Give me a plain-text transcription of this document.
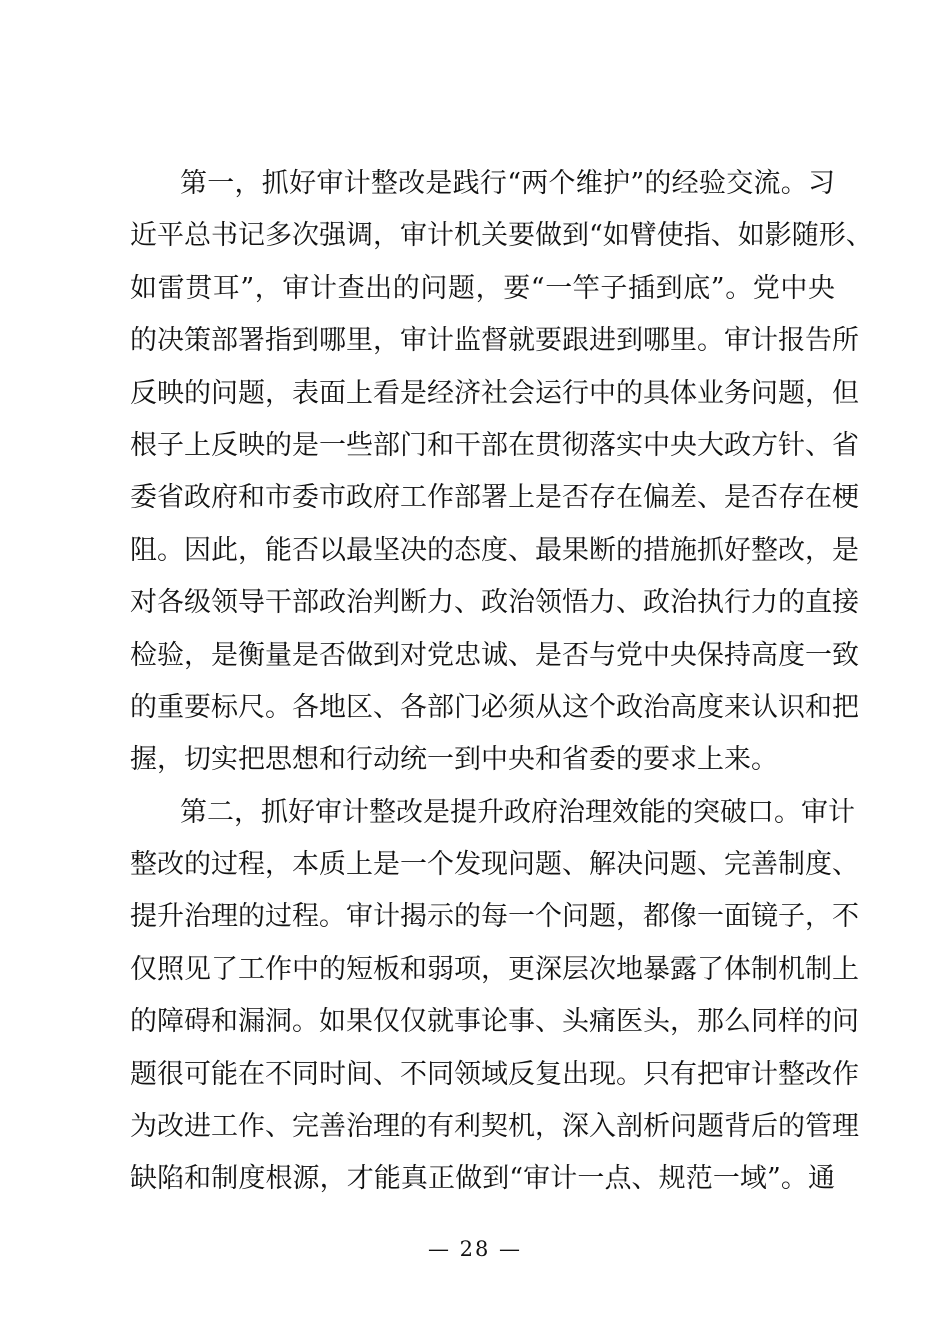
第一，抓好审计整改是践行“两个维护”的经验交流。习
近平总书记多次强调，审计机关要做到“如臂使指、如影随形、
如雷贯耳”，审计查出的问题，要“一竿子插到底”。党中央
的决策部署指到哪里，审计监督就要跟进到哪里。审计报告所
反映的问题，表面上看是经济社会运行中的具体业务问题，但
根子上反映的是一些部门和干部在贯彻落实中央大政方针、省
委省政府和市委市政府工作部署上是否存在偏差、是否存在梗
阻。因此，能否以最坚决的态度、最果断的措施抓好整改，是
对各级领导干部政治判断力、政治领悟力、政治执行力的直接
检验，是衡量是否做到对党忠诚、是否与党中央保持高度一致
的重要标尺。各地区、各部门必须从这个政治高度来认识和把
握，切实把思想和行动统一到中央和省委的要求上来。
第二，抓好审计整改是提升政府治理效能的突破口。审计
整改的过程，本质上是一个发现问题、解决问题、完善制度、
提升治理的过程。审计揭示的每一个问题，都像一面镜子，不
仅照见了工作中的短板和弱项，更深层次地暴露了体制机制上
的障碍和漏洞。如果仅仅就事论事、头痛医头，那么同样的问
题很可能在不同时间、不同领域反复出现。只有把审计整改作
为改进工作、完善治理的有利契机，深入剖析问题背后的管理
缺陷和制度根源，才能真正做到“审计一点、规范一域”。通
— 28 —
